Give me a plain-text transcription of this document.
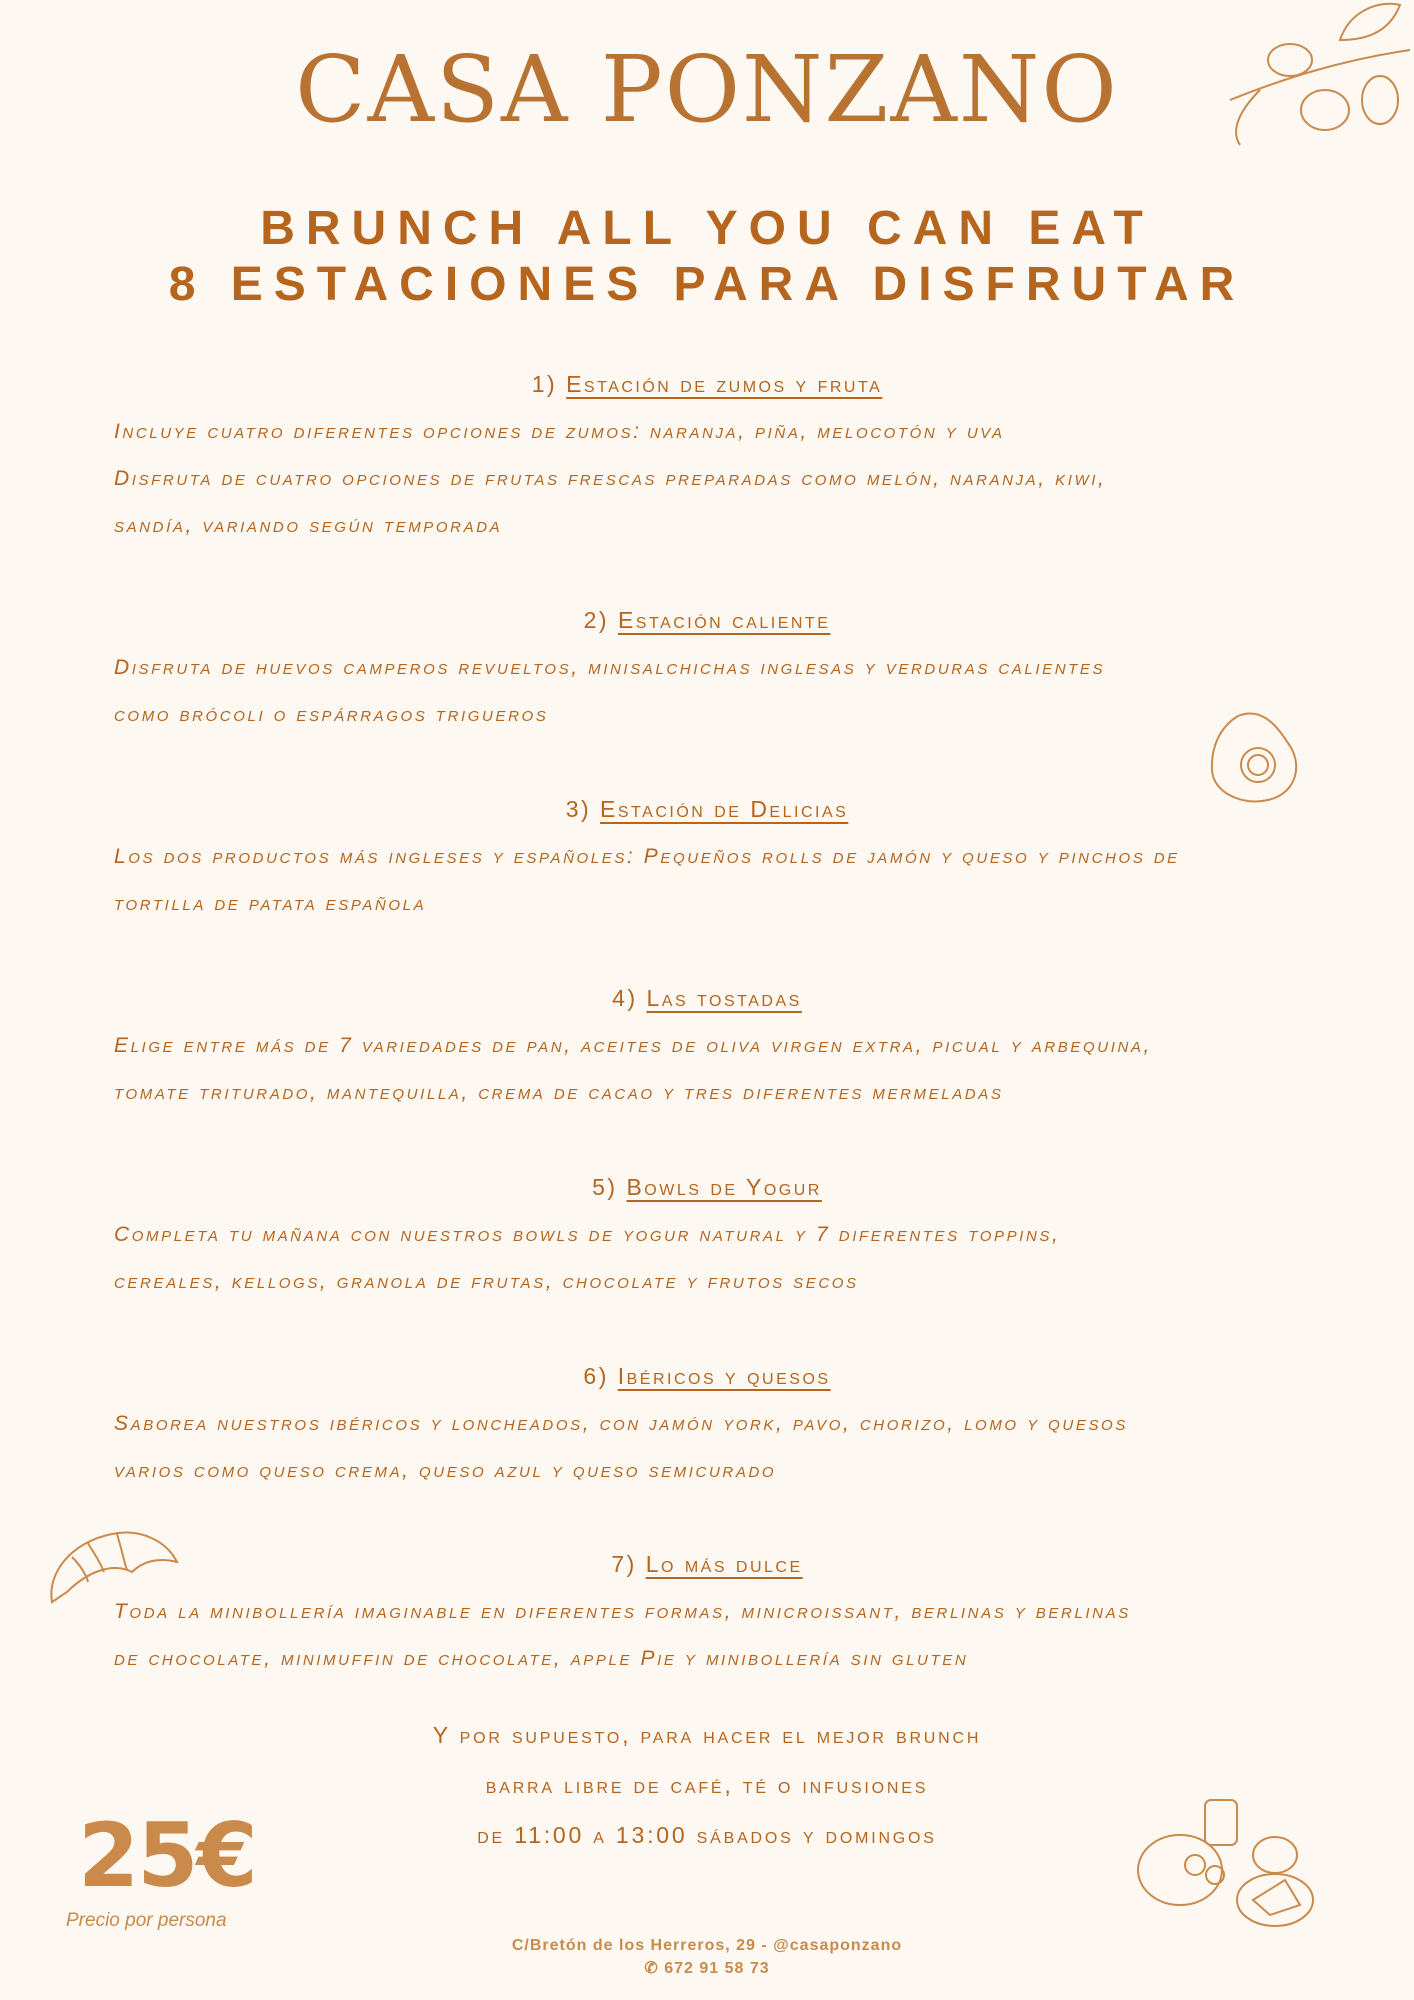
CASA PONZANO
BRUNCH ALL YOU CAN EAT
8 ESTACIONES PARA DISFRUTAR
1) Estación de zumos y fruta
Incluye cuatro diferentes opciones de zumos: naranja, piña, melocotón y uva
Disfruta de cuatro opciones de frutas frescas preparadas como melón, naranja, kiwi,
sandía, variando según temporada
2) Estación caliente
Disfruta de huevos camperos revueltos, minisalchichas inglesas y verduras calientes
como brócoli o espárragos trigueros
3) Estación de Delicias
Los dos productos más ingleses y españoles: Pequeños rolls de jamón y queso y pinchos de
tortilla de patata española
4) Las tostadas
Elige entre más de 7 variedades de pan, aceites de oliva virgen extra, picual y arbequina,
tomate triturado, mantequilla, crema de cacao y tres diferentes mermeladas
5) Bowls de Yogur
Completa tu mañana con nuestros bowls de yogur natural y 7 diferentes toppins,
cereales, kellogs, granola de frutas, chocolate y frutos secos
6) Ibéricos y quesos
Saborea nuestros ibéricos y loncheados, con jamón york, pavo, chorizo, lomo y quesos
varios como queso crema, queso azul y queso semicurado
7) Lo más dulce
Toda la minibollería imaginable en diferentes formas, minicroissant, berlinas y berlinas
de chocolate, minimuffin de chocolate, apple Pie y minibollería sin gluten
Y por supuesto, para hacer el mejor brunch
barra libre de café, té o infusiones
de 11:00 a 13:00 sábados y domingos
25€
Precio por persona
C/Bretón de los Herreros, 29 - @casaponzano
✆ 672 91 58 73
